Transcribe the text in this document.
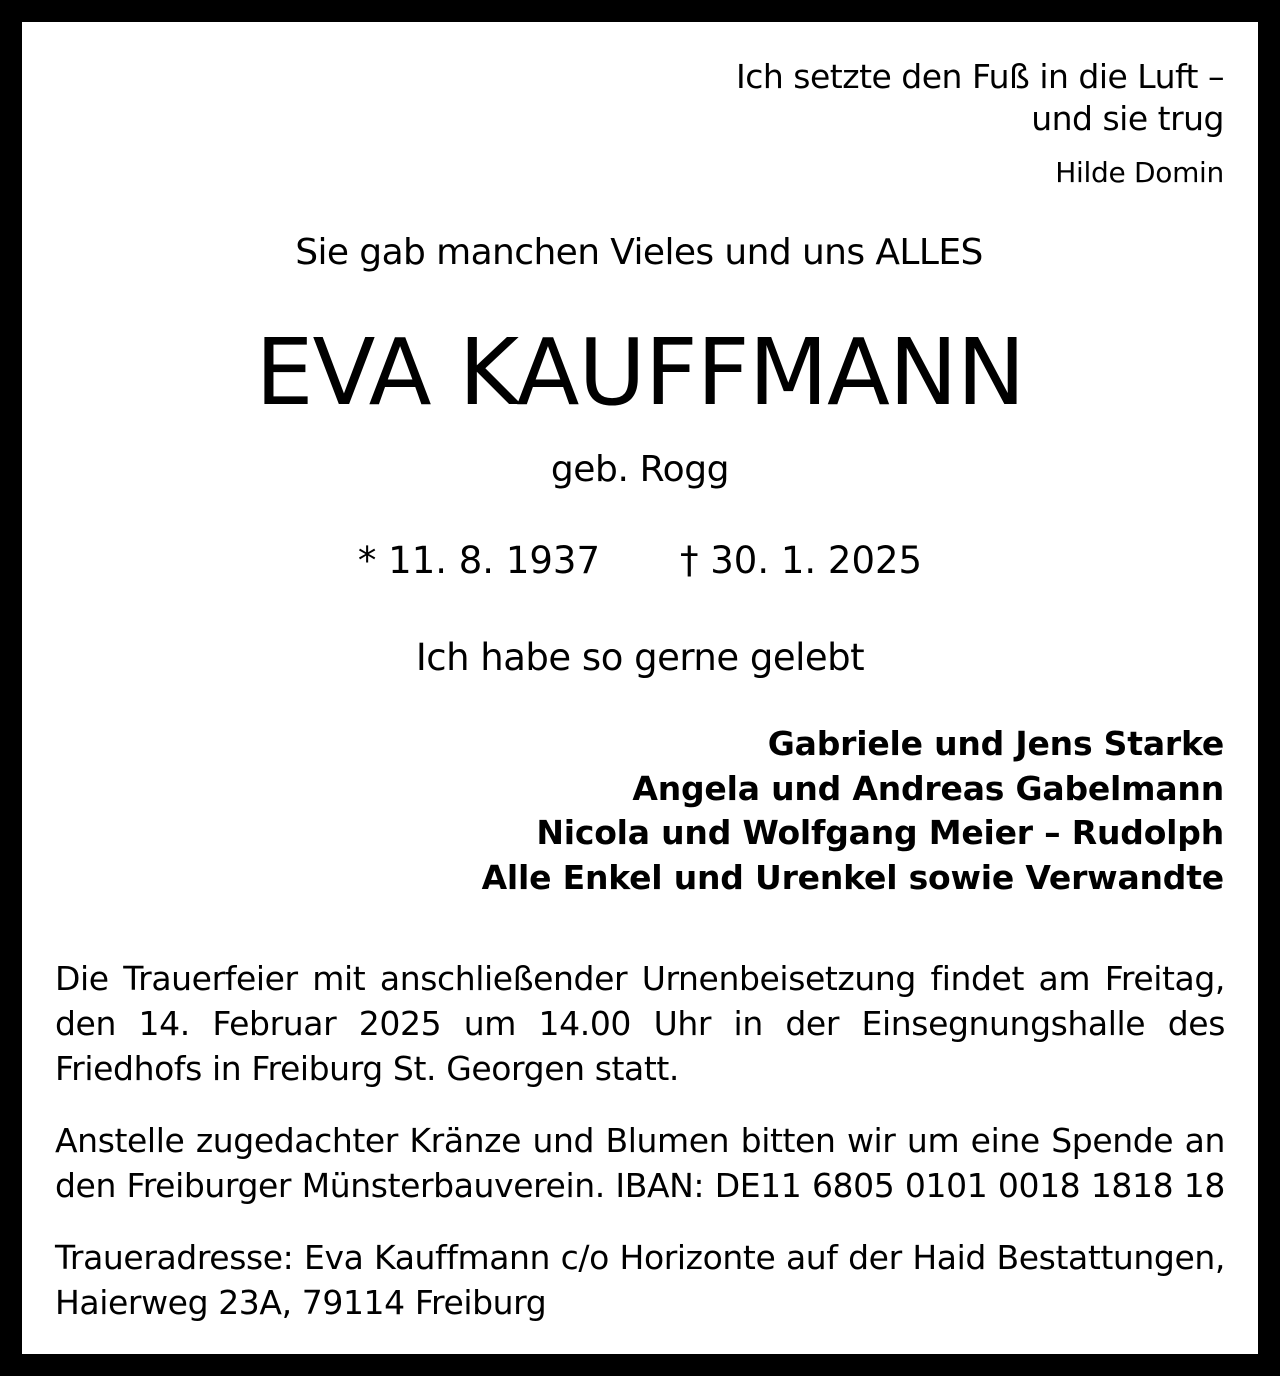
Ich setzte den Fuß in die Luft –
und sie trug
Hilde Domin
Sie gab manchen Vieles und uns ALLES
EVA KAUFFMANN
geb. Rogg
* 11. 8. 1937 † 30. 1. 2025
Ich habe so gerne gelebt
Gabriele und Jens Starke
Angela und Andreas Gabelmann
Nicola und Wolfgang Meier – Rudolph
Alle Enkel und Urenkel sowie Verwandte
Die Trauerfeier mit anschließender Urnenbeisetzung findet am Freitag,
den 14. Februar 2025 um 14.00 Uhr in der Einsegnungshalle des
Friedhofs in Freiburg St. Georgen statt.
Anstelle zugedachter Kränze und Blumen bitten wir um eine Spende an
den Freiburger Münsterbauverein. IBAN: DE11 6805 0101 0018 1818 18
Traueradresse: Eva Kauffmann c/o Horizonte auf der Haid Bestattungen,
Haierweg 23A, 79114 Freiburg
